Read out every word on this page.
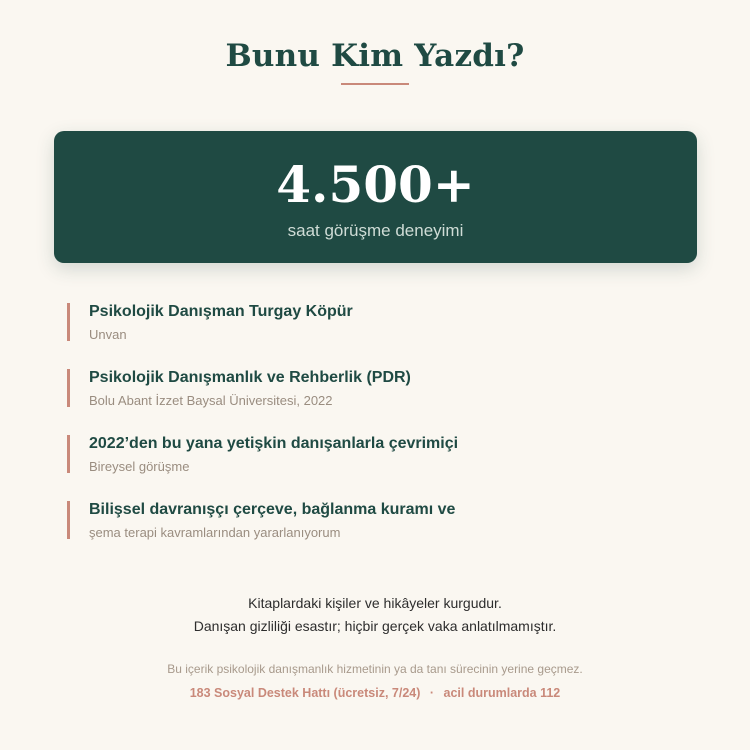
Bunu Kim Yazdı?
4.500+
saat görüşme deneyimi
Psikolojik Danışman Turgay Köpür
Unvan
Psikolojik Danışmanlık ve Rehberlik (PDR)
Bolu Abant İzzet Baysal Üniversitesi, 2022
2022’den bu yana yetişkin danışanlarla çevrimiçi
Bireysel görüşme
Bilişsel davranışçı çerçeve, bağlanma kuramı ve
şema terapi kavramlarından yararlanıyorum
Kitaplardaki kişiler ve hikâyeler kurgudur.
Danışan gizliliği esastır; hiçbir gerçek vaka anlatılmamıştır.
Bu içerik psikolojik danışmanlık hizmetinin ya da tanı sürecinin yerine geçmez.
183 Sosyal Destek Hattı (ücretsiz, 7/24) · acil durumlarda 112
